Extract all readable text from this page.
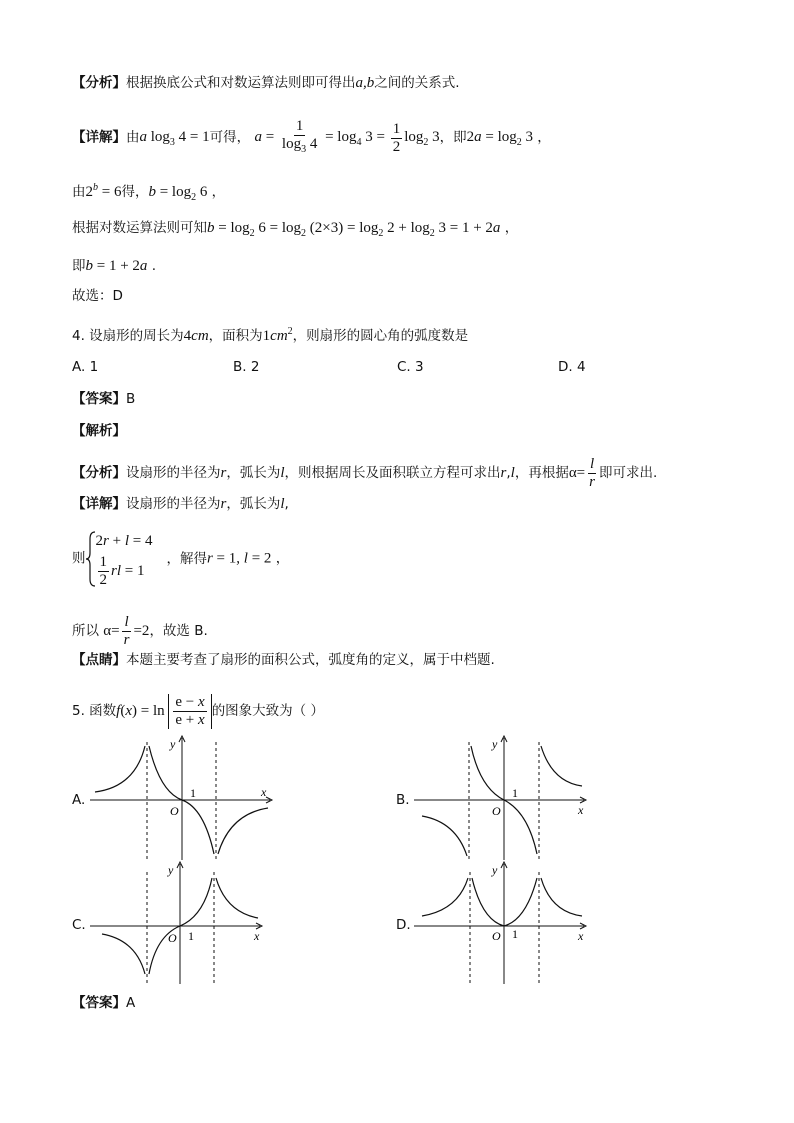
【分析】根据换底公式和对数运算法则即可得出a,b之间的关系式.
【详解】由a $\log_3 4 = 1$可得， $a = \frac{1}{\log_3 4} = \log_4 3 = \frac{1}{2} \log_2 3$，即$2a = \log_2 3$ ，
由$2^b = 6$得，$b = \log_2 6$ ，
根据对数运算法则可知$b = \log_2 6 = \log_2 (2\times 3) = \log_2 2 + \log_2 3 = 1 + 2a$ ，
即b = 1 + 2a .
故选：D
4. 设扇形的周长为4cm，面积为$1cm^2$，则扇形的圆心角的弧度数是
A. 1	B. 2	C. 3	D. 4
【答案】B
【解析】
【分析】设扇形的半径为r，弧长为l，则根据周长及面积联立方程可求出r,l，再根据$\alpha= \frac{l}{r}$ 即可求出.
【详解】设扇形的半径为r，弧长为l,
则
2r + l = 4
$\frac{1}{2}$ rl = 1
，解得r = 1, l = 2 ，
所以 $\alpha= \frac{l}{r} =2$，故选 B.
【点睛】本题主要考查了扇形的面积公式，弧度角的定义，属于中档题.
5. 函数$f(x) = \ln \frac{e - x}{e + x}$ 的图象大致为（ ）
A.	B.
C.	D.
O
1	x
y
O
1
x
y
O 1	x
y
O 1	x
y
【答案】A
